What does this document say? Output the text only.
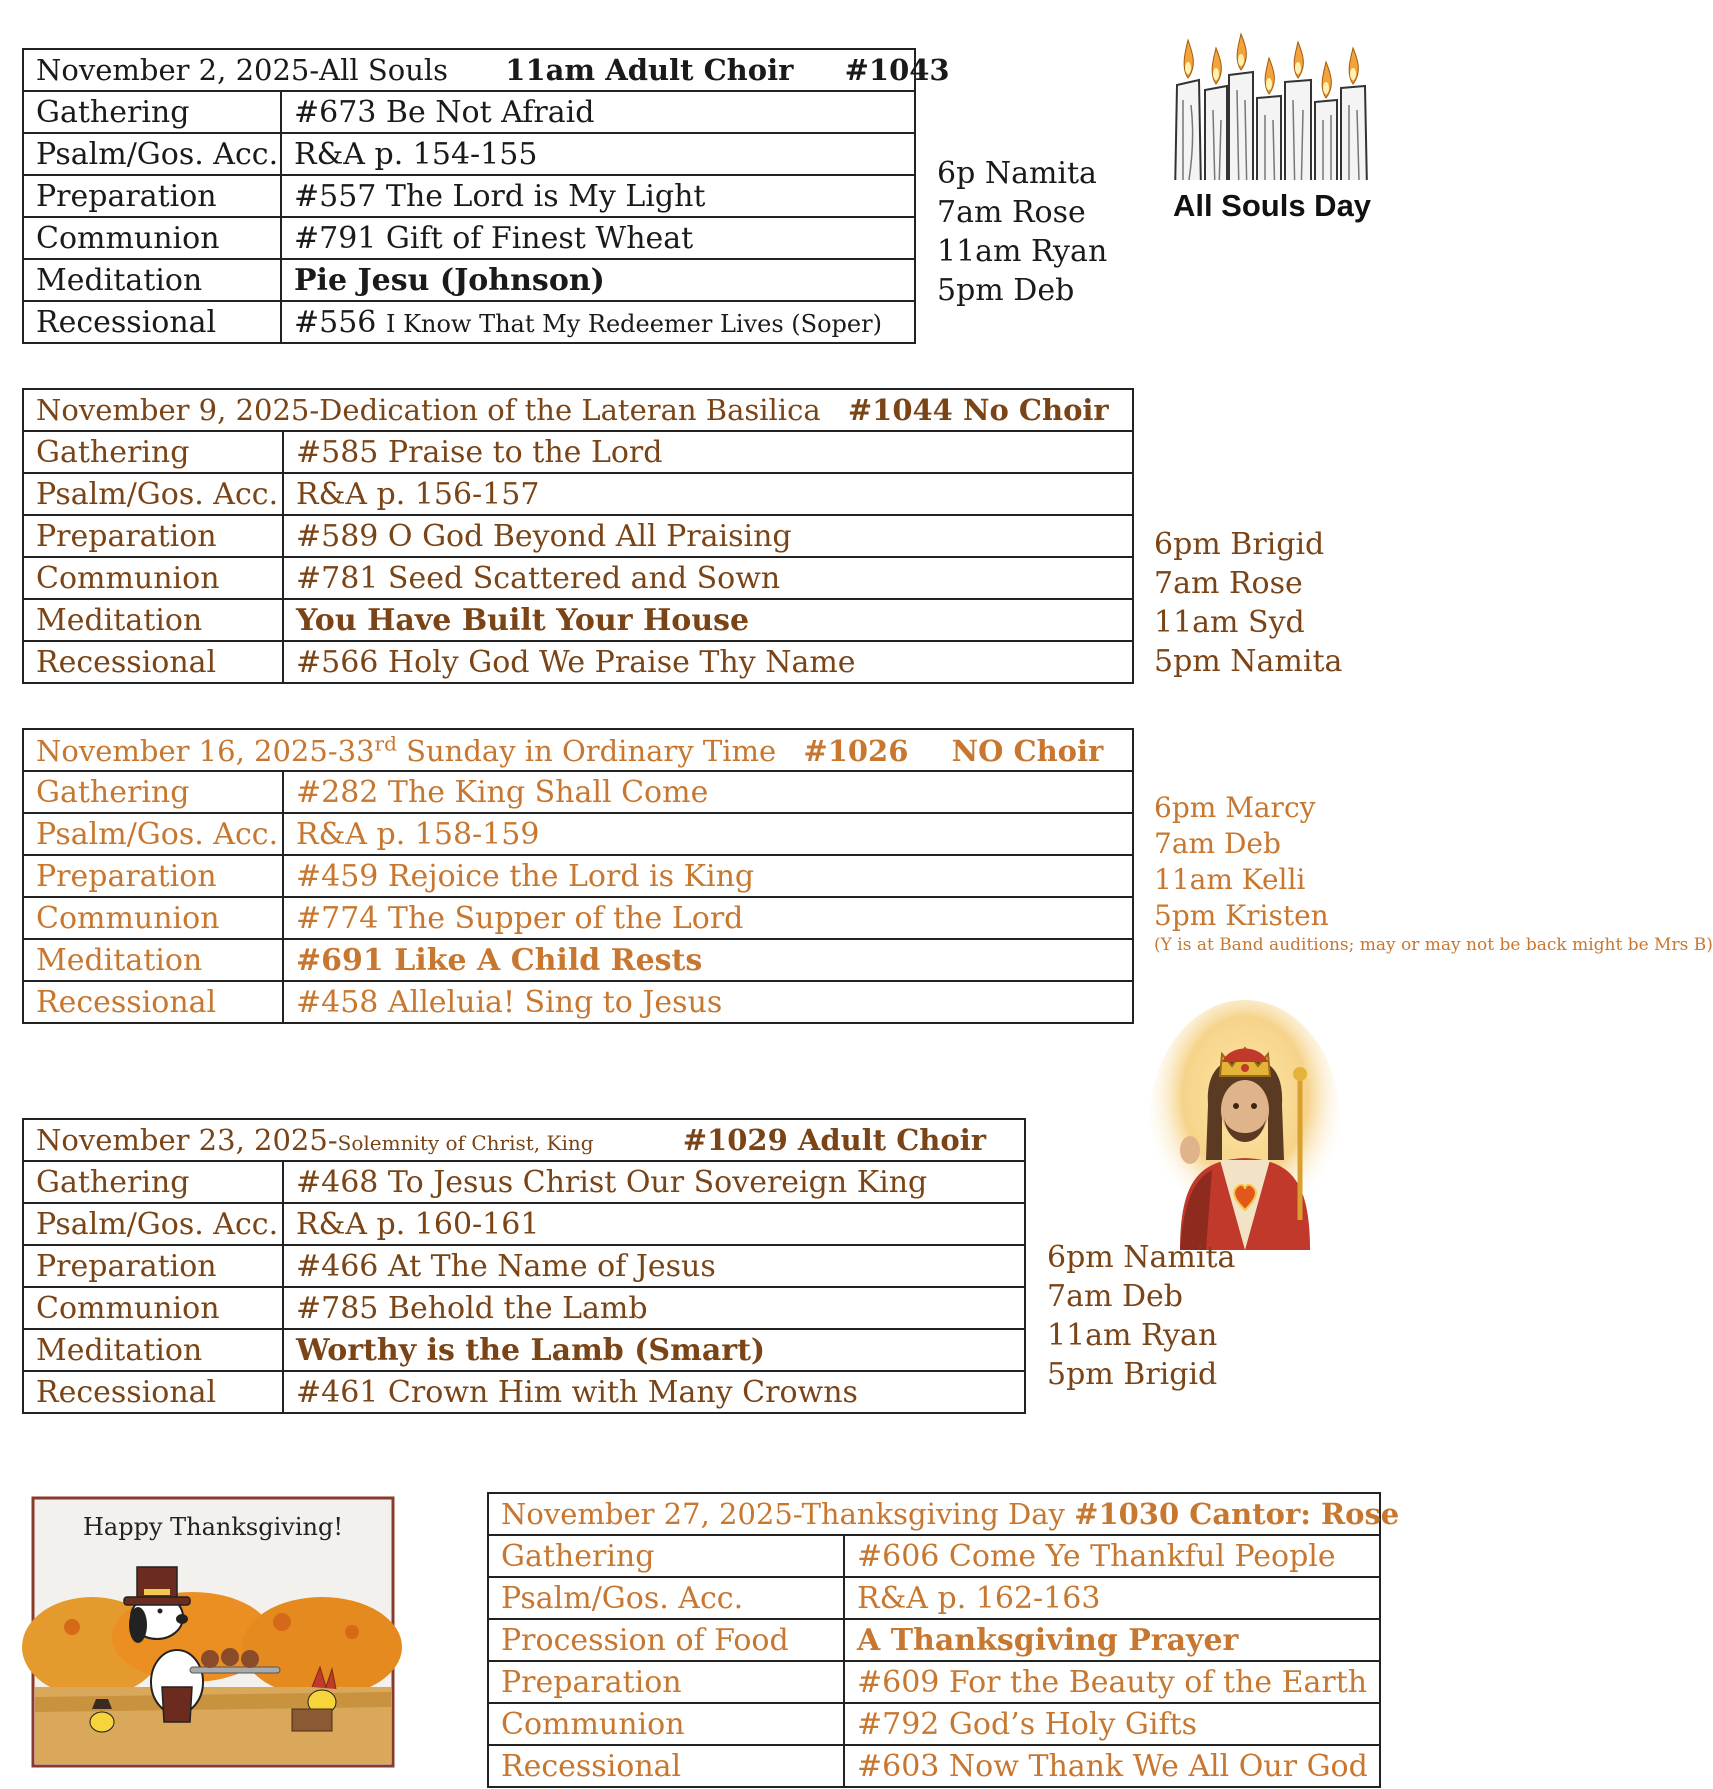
November 2, 2025-All Souls 11am Adult Choir #1043	
Gathering	#673 Be Not Afraid
Psalm/Gos. Acc.	R&A p. 154-155
Preparation	#557 The Lord is My Light
Communion	#791 Gift of Finest Wheat
Meditation	Pie Jesu (Johnson)
Recessional	#556 I Know That My Redeemer Lives (Soper)
6p Namita
7am Rose
11am Ryan
5pm Deb
All Souls Day
November 9, 2025-Dedication of the Lateran Basilica #1044 No Choir	
Gathering	#585 Praise to the Lord
Psalm/Gos. Acc.	R&A p. 156-157
Preparation	#589 O God Beyond All Praising
Communion	#781 Seed Scattered and Sown
Meditation	You Have Built Your House
Recessional	#566 Holy God We Praise Thy Name
6pm Brigid
7am Rose
11am Syd
5pm Namita
November 16, 2025-33rd Sunday in Ordinary Time #1026 NO Choir	
Gathering	#282 The King Shall Come
Psalm/Gos. Acc.	R&A p. 158-159
Preparation	#459 Rejoice the Lord is King
Communion	#774 The Supper of the Lord
Meditation	#691 Like A Child Rests
Recessional	#458 Alleluia! Sing to Jesus
6pm Marcy
7am Deb
11am Kelli
5pm Kristen
(Y is at Band auditions; may or may not be back might be Mrs B)
November 23, 2025-Solemnity of Christ, King #1029 Adult Choir	
Gathering	#468 To Jesus Christ Our Sovereign King
Psalm/Gos. Acc.	R&A p. 160-161
Preparation	#466 At The Name of Jesus
Communion	#785 Behold the Lamb
Meditation	Worthy is the Lamb (Smart)
Recessional	#461 Crown Him with Many Crowns
6pm Namita
7am Deb
11am Ryan
5pm Brigid
Happy Thanksgiving!	November 27, 2025-Thanksgiving Day #1030 Cantor: Rose	
Gathering	#606 Come Ye Thankful People
Psalm/Gos. Acc.	R&A p. 162-163
Procession of Food	A Thanksgiving Prayer
Preparation	#609 For the Beauty of the Earth
Communion	#792 God’s Holy Gifts
Recessional	#603 Now Thank We All Our God
